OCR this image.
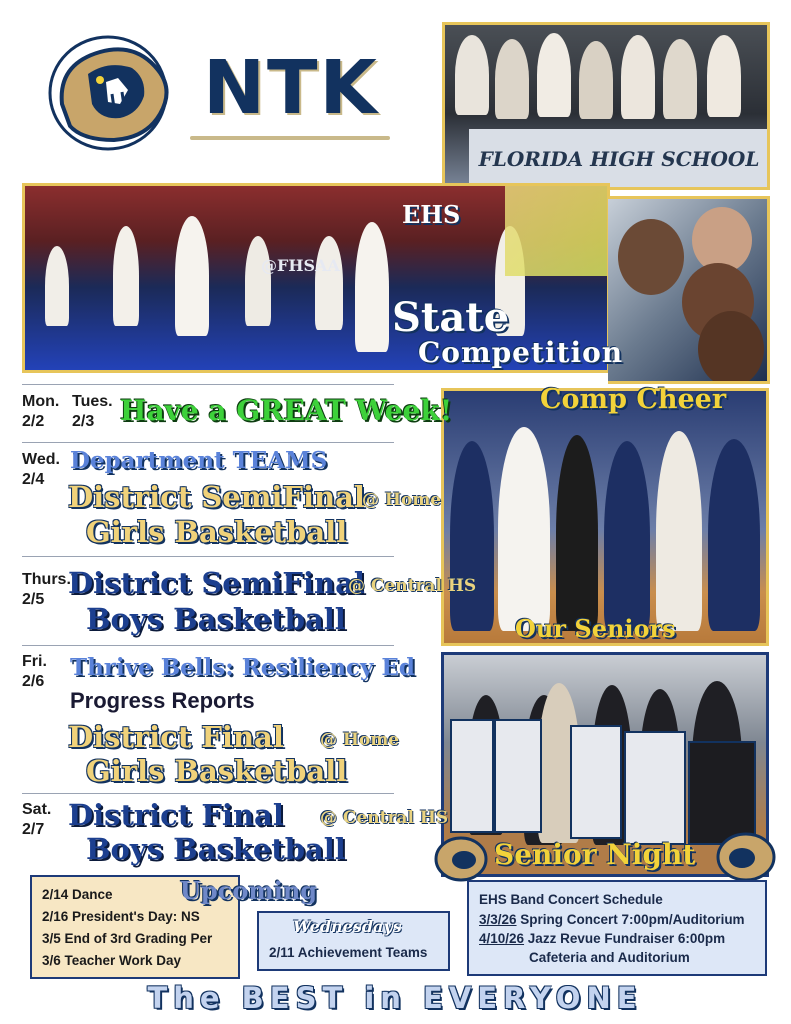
NTK
FLORIDA HIGH SCHOOL
@FHSAA
EHS
State
Competition
Comp Cheer
Our Seniors
Senior Night
Mon.
2/2
Tues.
2/3 Have a GREAT Week!
Wed.
2/4
Department TEAMS
District SemiFinal
@ Home
Girls Basketball
Thurs.
2/5 District SemiFinal
@ Central HS
Boys Basketball
Fri.
2/6
Thrive Bells: Resiliency Ed
Progress Reports
District Final @ Home
Girls Basketball
Sat.
2/7 District Final @ Central HS
Boys Basketball
2/14 Dance
2/16 President's Day: NS
3/5 End of 3rd Grading Per
3/6 Teacher Work Day
Upcoming
Wednesdays
2/11 Achievement Teams
EHS Band Concert Schedule
3/3/26 Spring Concert 7:00pm/Auditorium
4/10/26 Jazz Revue Fundraiser 6:00pm
Cafeteria and Auditorium
The BEST in EVERYONE
